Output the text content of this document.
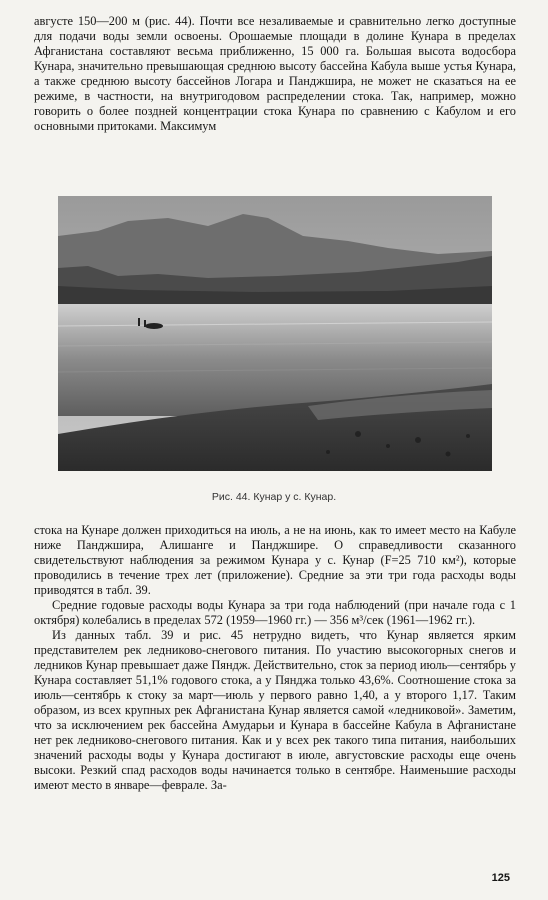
августе 150—200 м (рис. 44). Почти все незаливаемые и сравнительно легко доступные для подачи воды земли освоены. Орошаемые площади в долине Кунара в пределах Афганистана составляют весьма приближенно, 15 000 га. Большая высота водосбора Кунара, значительно превышающая среднюю высоту бассейна Кабула выше устья Кунара, а также среднюю высоту бассейнов Логара и Панджшира, не может не сказаться на ее режиме, в частности, на внутригодовом распределении стока. Так, например, можно говорить о более поздней концентрации стока Кунара по сравнению с Кабулом и его основными притоками. Максимум

Рис. 44. Кунар у с. Кунар.

стока на Кунаре должен приходиться на июль, а не на июнь, как то имеет место на Кабуле ниже Панджшира, Алишанге и Панджшире. О справедливости сказанного свидетельствуют наблюдения за режимом Кунара у с. Кунар (F=25 710 км²), которые проводились в течение трех лет (приложение). Средние за эти три года расходы воды приводятся в табл. 39.

Средние годовые расходы воды Кунара за три года наблюдений (при начале года с 1 октября) колебались в пределах 572 (1959—1960 гг.) — 356 м³/сек (1961—1962 гг.).

Из данных табл. 39 и рис. 45 нетрудно видеть, что Кунар является ярким представителем рек ледниково-снегового питания. По участию высокогорных снегов и ледников Кунар превышает даже Пяндж. Действительно, сток за период июль—сентябрь у Кунара составляет 51,1% годового стока, а у Пянджа только 43,6%. Соотношение стока за июль—сентябрь к стоку за март—июль у первого равно 1,40, а у второго 1,17. Таким образом, из всех крупных рек Афганистана Кунар является самой «ледниковой». Заметим, что за исключением рек бассейна Амударьи и Кунара в бассейне Кабула в Афганистане нет рек ледниково-снегового питания. Как и у всех рек такого типа питания, наибольших значений расходы воды у Кунара достигают в июле, августовские расходы еще очень высоки. Резкий спад расходов воды начинается только в сентябре. Наименьшие расходы имеют место в январе—феврале. За-

125
